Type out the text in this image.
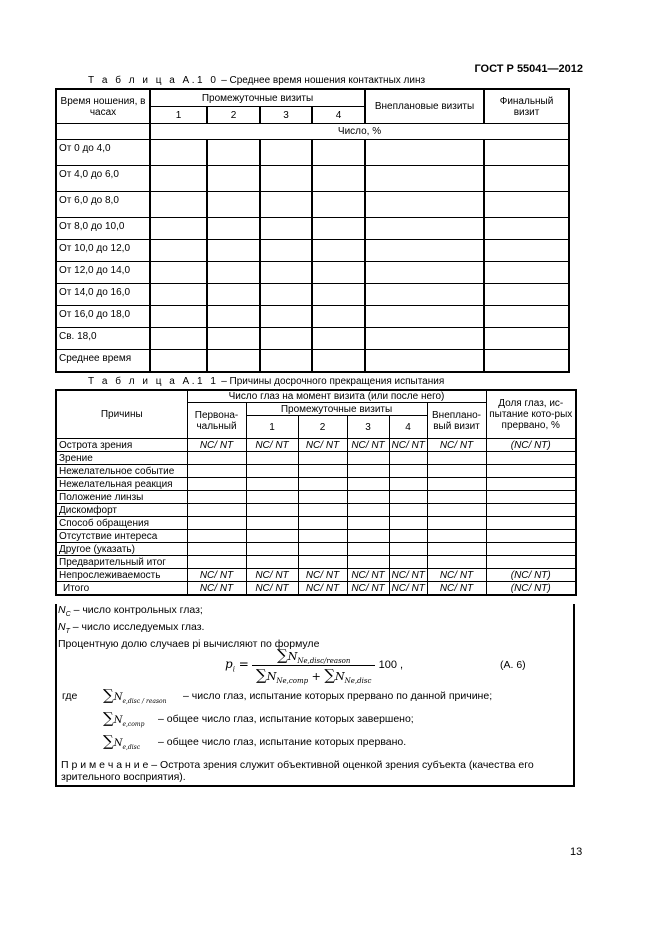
ГОСТ Р 55041—2012
Т а б л и ц а А.1 0 – Среднее время ношения контактных линз
Время ношения, в часах	Промежуточные визиты				Внеплановые визиты	Финальный визит
	1	2	3	4		
	Число, %					
От 0 до 4,0						
От 4,0 до 6,0						
От 6,0 до 8,0						
От 8,0 до 10,0						
От 10,0 до 12,0						
От 12,0 до 14,0						
От 14,0 до 16,0						
От 16,0 до 18,0						
Св. 18,0						
Среднее время						
Т а б л и ц а А.1 1 – Причины досрочного прекращения испытания
Причины	Число глаз на момент визита (или после него)						Доля глаз, ис-пытание кото-рых прервано, %
	Первона-чальный	Промежуточные визиты				Внеплано-вый визит	
		1	2	3	4		
Острота зрения	NC/ NT	NC/ NT	NC/ NT	NC/ NT	NC/ NT	NC/ NT	(NC/ NT)
Зрение							
Нежелательное событие							
Нежелательная реакция							
Положение линзы							
Дискомфорт							
Способ обращения							
Отсутствие интереса							
Другое (указать)							
Предварительный итог							
Непрослеживаемость	NC/ NT	NC/ NT	NC/ NT	NC/ NT	NC/ NT	NC/ NT	(NC/ NT)
Итого	NC/ NT	NC/ NT	NC/ NT	NC/ NT	NC/ NT	NC/ NT	(NC/ NT)
$N_C$ – число контрольных глаз;
$N_T$ – число исследуемых глаз.
Процентную долю случаев pi вычисляют по формуле
$p_i = \frac{\sum N_{Ne,disc/reason}}{\sum N_{Ne,comp} + \sum N_{Ne,disc}} 100$ ,	(А. 6)
где $\sum N_{e,disc / reason}$ – число глаз, испытание которых прервано по данной причине;
$\sum N_{e,comp}$ – общее число глаз, испытание которых завершено;
$\sum N_{e,disc}$ – общее число глаз, испытание которых прервано.
П р и м е ч а н и е – Острота зрения служит объективной оценкой зрения субъекта (качества его зрительного восприятия).
13
